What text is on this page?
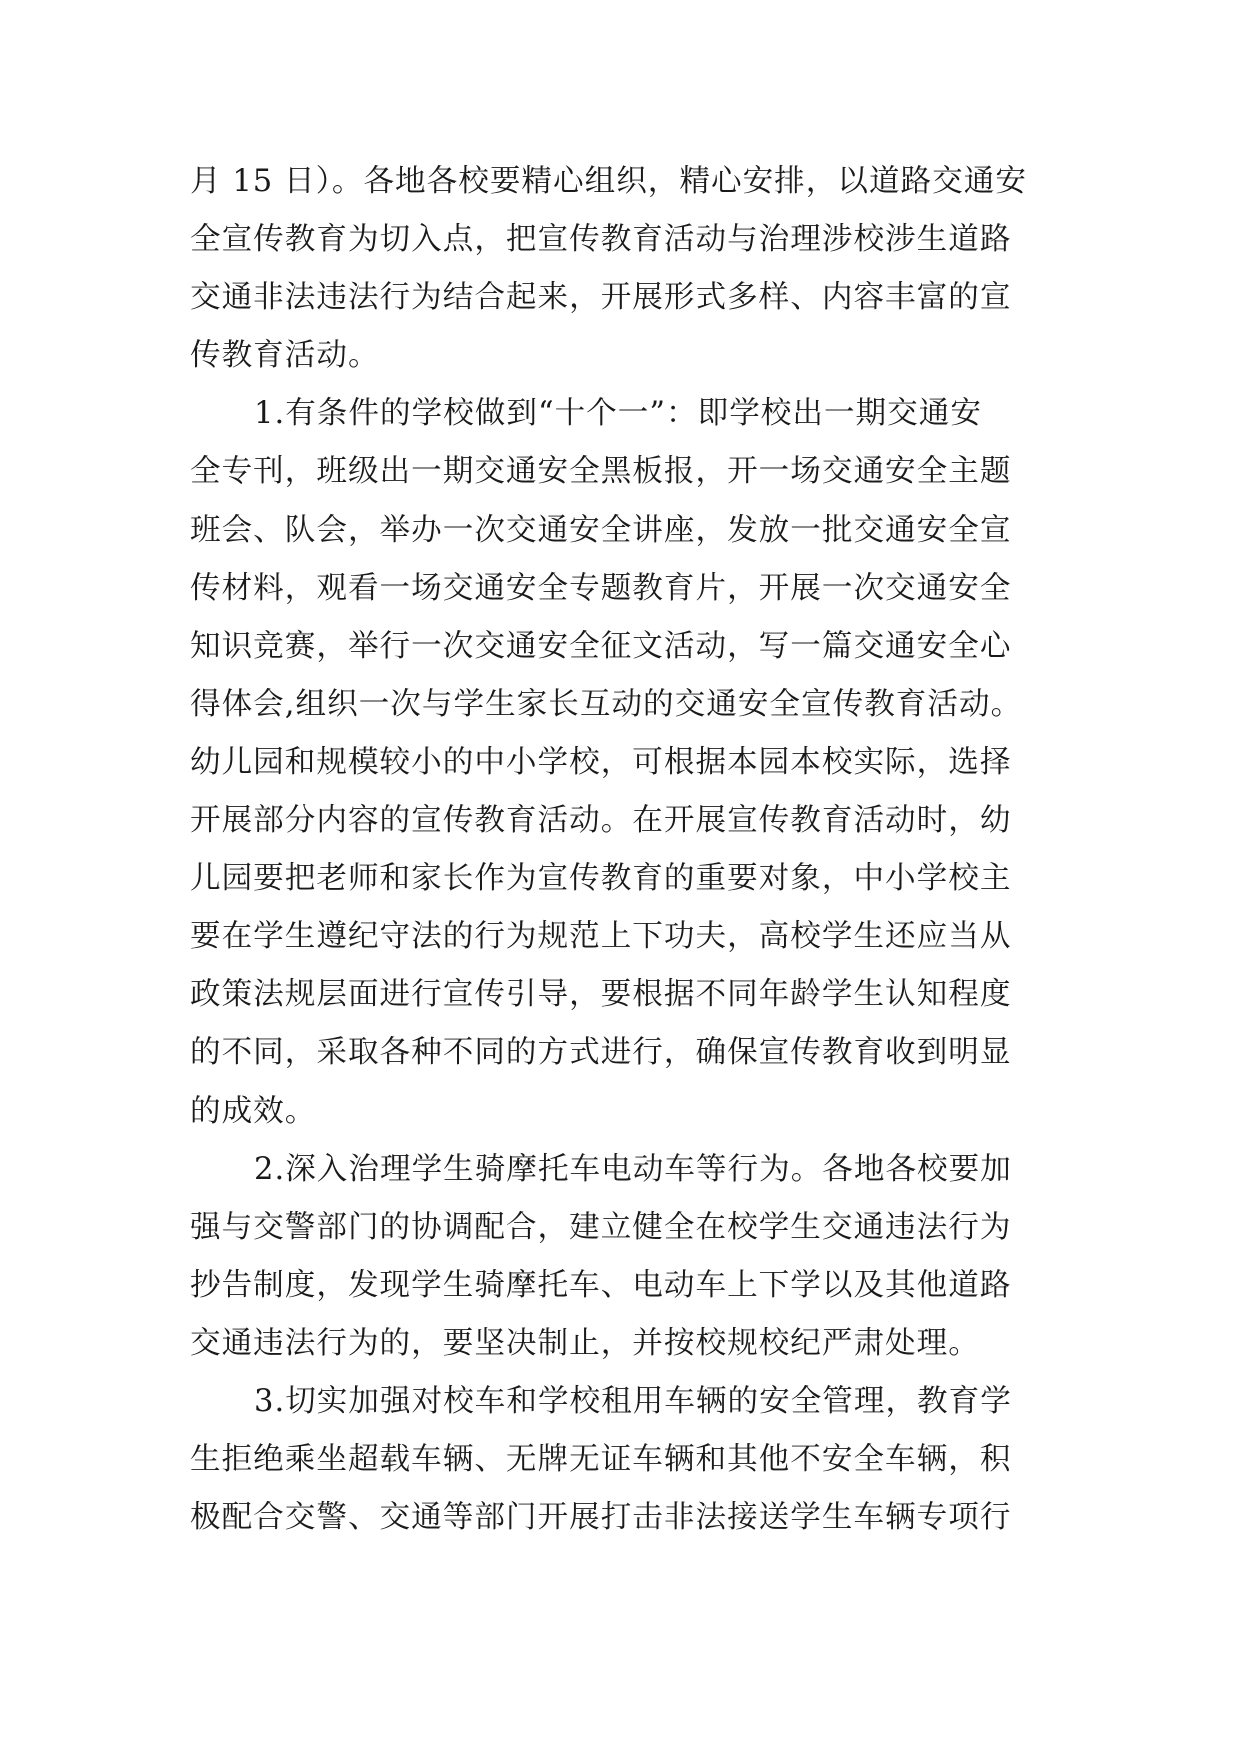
月 15 日）。各地各校要精心组织，精心安排，以道路交通安
全宣传教育为切入点，把宣传教育活动与治理涉校涉生道路
交通非法违法行为结合起来，开展形式多样、内容丰富的宣
传教育活动。
1.有条件的学校做到“十个一”：即学校出一期交通安
全专刊，班级出一期交通安全黑板报，开一场交通安全主题
班会、队会，举办一次交通安全讲座，发放一批交通安全宣
传材料，观看一场交通安全专题教育片，开展一次交通安全
知识竞赛，举行一次交通安全征文活动，写一篇交通安全心
得体会,组织一次与学生家长互动的交通安全宣传教育活动。
幼儿园和规模较小的中小学校，可根据本园本校实际，选择
开展部分内容的宣传教育活动。在开展宣传教育活动时，幼
儿园要把老师和家长作为宣传教育的重要对象，中小学校主
要在学生遵纪守法的行为规范上下功夫，高校学生还应当从
政策法规层面进行宣传引导，要根据不同年龄学生认知程度
的不同，采取各种不同的方式进行，确保宣传教育收到明显
的成效。
2.深入治理学生骑摩托车电动车等行为。各地各校要加
强与交警部门的协调配合，建立健全在校学生交通违法行为
抄告制度，发现学生骑摩托车、电动车上下学以及其他道路
交通违法行为的，要坚决制止，并按校规校纪严肃处理。
3.切实加强对校车和学校租用车辆的安全管理，教育学
生拒绝乘坐超载车辆、无牌无证车辆和其他不安全车辆，积
极配合交警、交通等部门开展打击非法接送学生车辆专项行
